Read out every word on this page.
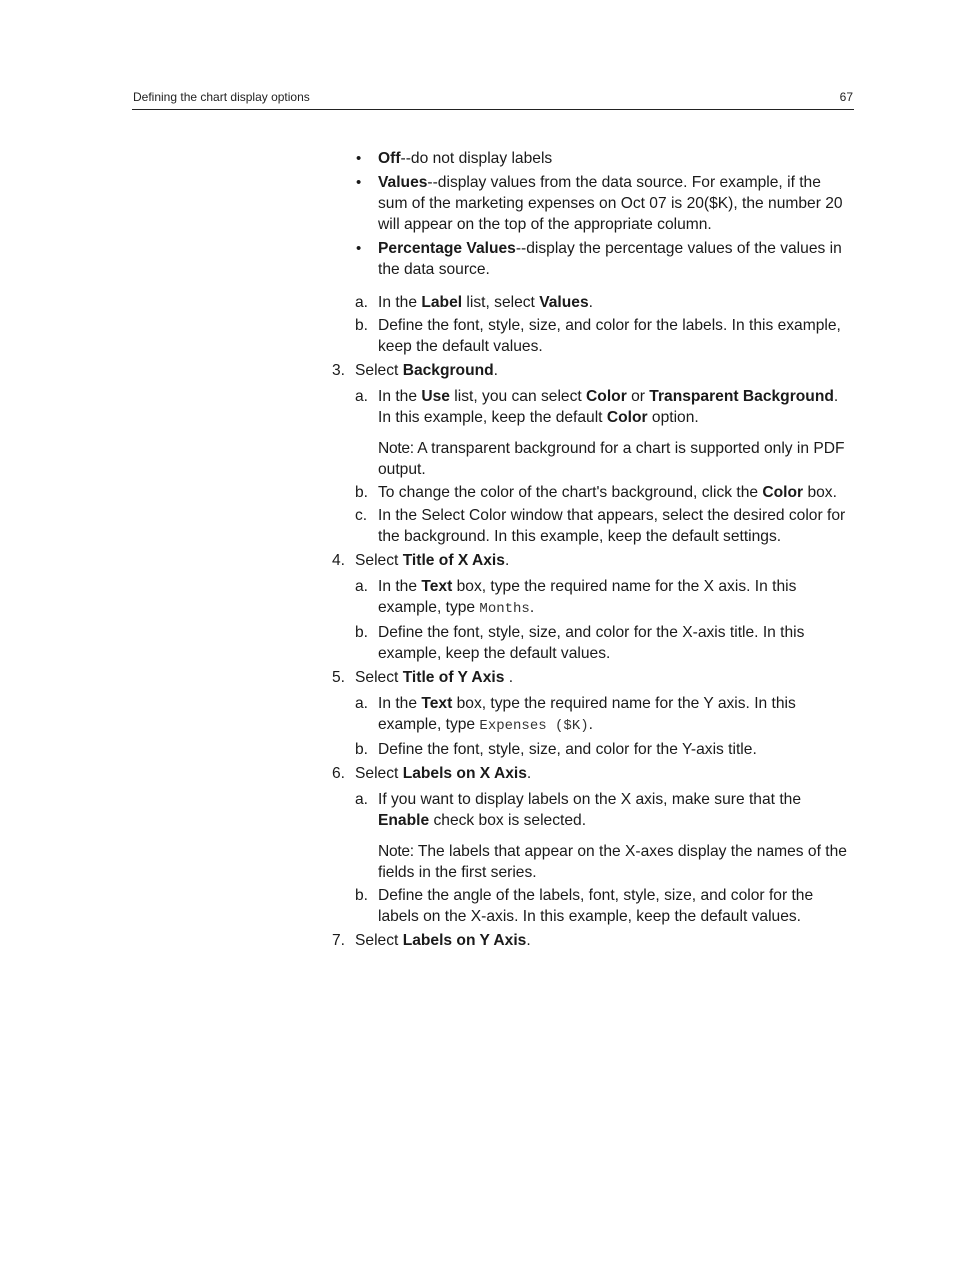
Defining the chart display options	67
• Off--do not display labels
• Values--display values from the data source. For example, if the sum of the marketing expenses on Oct 07 is 20($K), the number 20 will appear on the top of the appropriate column.
• Percentage Values--display the percentage values of the values in the data source.
a. In the Label list, select Values.
b. Define the font, style, size, and color for the labels. In this example, keep the default values.
3. Select Background.
a. In the Use list, you can select Color or Transparent Background. In this example, keep the default Color option.
Note: A transparent background for a chart is supported only in PDF output.
b. To change the color of the chart's background, click the Color box.
c. In the Select Color window that appears, select the desired color for the background. In this example, keep the default settings.
4. Select Title of X Axis.
a. In the Text box, type the required name for the X axis. In this example, type Months.
b. Define the font, style, size, and color for the X-axis title. In this example, keep the default values.
5. Select Title of Y Axis .
a. In the Text box, type the required name for the Y axis. In this example, type Expenses ($K).
b. Define the font, style, size, and color for the Y-axis title.
6. Select Labels on X Axis.
a. If you want to display labels on the X axis, make sure that the Enable check box is selected.
Note: The labels that appear on the X-axes display the names of the fields in the first series.
b. Define the angle of the labels, font, style, size, and color for the labels on the X-axis. In this example, keep the default values.
7. Select Labels on Y Axis.
